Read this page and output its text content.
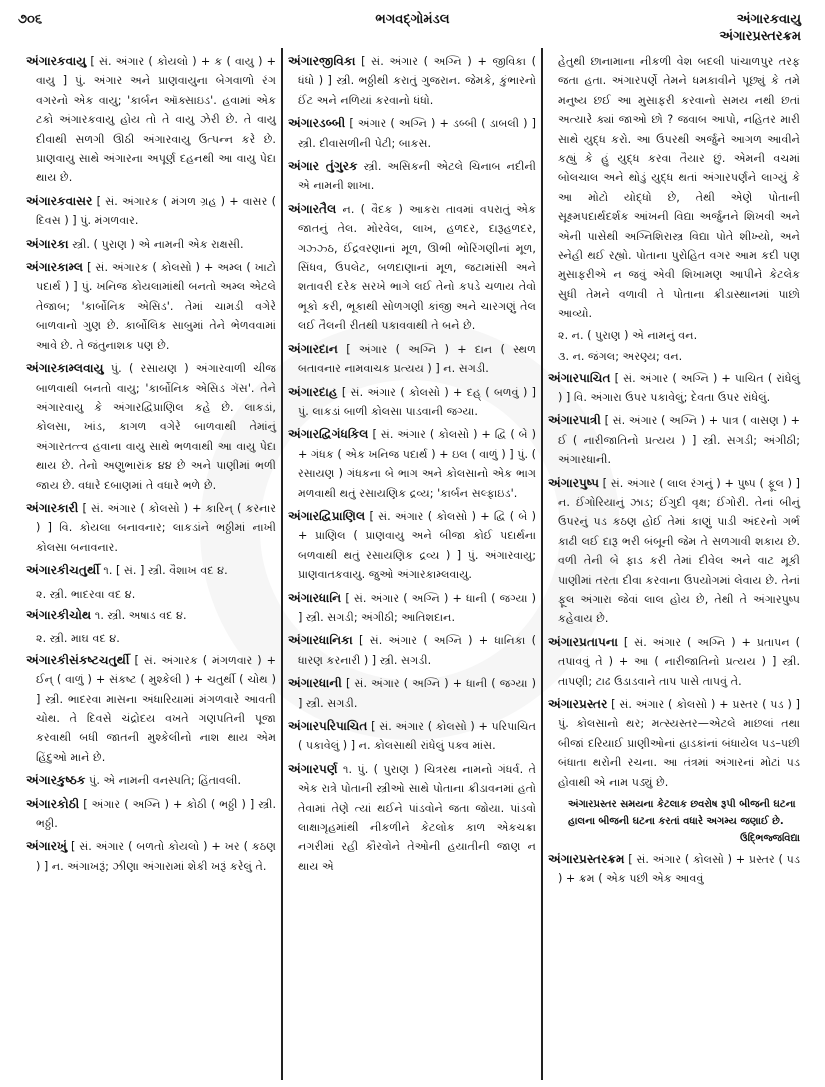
૭૦૬	ભગવદ્ગોમંડલ	અંગારકવાયુ
અંગારપ્રસ્તરક્રમ

અંગારકવાયુ [ સં. અંગાર ( કોયલો ) + ક ( વાયુ ) + વાયુ ] પું. અંગાર અને પ્રાણવાયુના બેગવાળો રંગ વગરનો એક વાયુ; 'કાર્બન ઑક્સાઇડ'. હવામાં એક ટકો અંગારકવાયુ હોય તો તે વાયુ ઝેરી છે. તે વાયુ દીવાથી સળગી ઊઠી અંગારવાયુ ઉત્પન્ન કરે છે. પ્રાણવાયુ સાથે અંગારના અપૂર્ણ દહનથી આ વાયુ પેદા થાય છે.

અંગારકવાસર [ સં. અંગારક ( મંગળ ગ્રહ ) + વાસર ( દિવસ ) ] પું. મંગળવાર.

અંગારકા સ્ત્રી. ( પુરાણ ) એ નામની એક રાક્ષસી.

અંગારકામ્લ [ સં. અંગારક ( કોલસો ) + અમ્લ ( ખાટો પદાર્થ ) ] પું. ખનિજ કોયલામાંથી બનતો અમ્લ એટલે તેજાબ; 'કાર્બોનિક એસિડ'. તેમાં ચામડી વગેરે બાળવાનો ગુણ છે. કાર્બોલિક સાબુમાં તેને ભેળવવામાં આવે છે. તે જંતુનાશક પણ છે.

અંગારકામ્લવાયુ પું. ( રસાયણ ) અંગારવાળી ચીજ બાળવાથી બનતો વાયુ; 'કાર્બોનિક એસિડ ગૅસ'. તેને અંગારવાયુ કે અંગારદ્વિપ્રાણિલ કહે છે. લાકડાં, કોલસા, ખાંડ, કાગળ વગેરે બાળવાથી તેમાંનું અંગારતત્ત્વ હવાના વાયુ સાથે ભળવાથી આ વાયુ પેદા થાય છે. તેનો અણુભારાંક ૪૪ છે અને પાણીમાં ભળી જાય છે. વધારે દબાણમાં તે વધારે ભળે છે.

અંગારકારી [ સં. અંગાર ( કોલસો ) + કારિન્ ( કરનાર ) ] વિ. કોયલા બનાવનાર; લાકડાંને ભઠ્ઠીમાં નાખી કોલસા બનાવનાર.

અંગારકીચતુર્થી ૧. [ સં. ] સ્ત્રી. વૈશાખ વદ ૪.

૨. સ્ત્રી. ભાદરવા વદ ૪.

અંગારકીચોથ ૧. સ્ત્રી. અષાડ વદ ૪.

૨. સ્ત્રી. માઘ વદ ૪.

અંગારકીસંકષ્ટચતુર્થી [ સં. અંગારક ( મંગળવાર ) + ઈન્ ( વાળું ) + સંકષ્ટ ( મુશ્કેલી ) + ચતુર્થી ( ચોથ ) ] સ્ત્રી. ભાદરવા માસના અંધારિયામાં મંગળવારે આવતી ચોથ. તે દિવસે ચંદ્રોદય વખતે ગણપતિની પૂજા કરવાથી બધી જાતની મુશ્કેલીનો નાશ થાય એમ હિંદુઓ માને છે.

અંગારકુષ્ઠક પું. એ નામની વનસ્પતિ; હિંતાવલી.

અંગારકોઠી [ અંગાર ( અગ્નિ ) + કોઠી ( ભઠ્ઠી ) ] સ્ત્રી. ભઠ્ઠી.

અંગારખું [ સં. અંગાર ( બળતો કોયલો ) + ખર ( કઠણ ) ] ન. અંગાખરૂં; ઝીણા અંગારામાં શેકી ખરૂં કરેલું તે.

અંગારજીવિકા [ સં. અંગાર ( અગ્નિ ) + જીવિકા ( ધંધો ) ] સ્ત્રી. ભઠ્ઠીથી કરાતું ગુજરાન. જેમકે, કુંભારનો ઈંટ અને નળિયાં કરવાનો ધંધો.

અંગારડબ્બી [ અંગાર ( અગ્નિ ) + ડબ્બી ( ડાબલી ) ] સ્ત્રી. દીવાસળીની પેટી; બાકસ.

અંગાર તુંગુરક સ્ત્રી. અસિકની એટલે ચિનાબ નદીની એ નામની શાખા.

અંગારતૈલ ન. ( વૈદક ) આકરા તાવમાં વપરાતું એક જાતનું તેલ. મોરવેલ, લાખ, હળદર, દારૂહળદર, ગઝ્ઝ્ઠ, ઈંદ્રવરણાનાં મૂળ, ઊભી ભોરિંગણીનાં મૂળ, સિંધવ, ઉપલેટ, બળદાણાનાં મૂળ, જટામાંસી અને શતાવરી દરેક સરખે ભાગે લઈ તેનો કપડે ચળાય તેવો ભૂકો કરી, ભૂકાથી સોળગણી કાંજી અને ચારગણું તેલ લઈ તૈલની રીતથી પકાવવાથી તે બને છે.

અંગારદાન [ અંગાર ( અગ્નિ ) + દાન ( સ્થળ બતાવનાર નામવાચક પ્રત્યય ) ] ન. સગડી.

અંગારદાહ [ સં. અંગાર ( કોલસો ) + દહ્ ( બળવું ) ] પું. લાકડાં બાળી કોલસા પાડવાની જગ્યા.

અંગારદ્વિગંધકિલ [ સં. અંગાર ( કોલસો ) + દ્વિ ( બે ) + ગંધક ( એક ખનિજ પદાર્થ ) + ઇલ ( વાળું ) ] પું. ( રસાયણ ) ગંધકના બે ભાગ અને કોલસાનો એક ભાગ મળવાથી થતું રસાયણિક દ્રવ્ય; 'કાર્બન સલ્ફાઇડ'.

અંગારદ્વિપ્રાણિલ [ સં. અંગાર ( કોલસો ) + દ્વિ ( બે ) + પ્રાણિલ ( પ્રાણવાયુ અને બીજા કોઈ પદાર્થના બળવાથી થતું રસાયણિક દ્રવ્ય ) ] પું. અંગારવાયુ; પ્રાણવાતકવાયુ. જુઓ અંગારકામ્લવાયુ.

અંગારધાનિ [ સં. અંગાર ( અગ્નિ ) + ધાની ( જગ્યા ) ] સ્ત્રી. સગડી; અંગીઠી; આતિશદાન.

અંગારધાનિકા [ સં. અંગાર ( અગ્નિ ) + ધાનિકા ( ધારણ કરનારી ) ] સ્ત્રી. સગડી.

અંગારધાની [ સં. અંગાર ( અગ્નિ ) + ધાની ( જગ્યા ) ] સ્ત્રી. સગડી.

અંગારપરિપાચિત [ સં. અંગાર ( કોલસો ) + પરિપાચિત ( પકાવેલું ) ] ન. કોલસાથી રાંધેલું પક્વ માંસ.

અંગારપર્ણ ૧. પું. ( પુરાણ ) ચિત્રરથ નામનો ગંધર્વ. તે એક રાત્રે પોતાની સ્ત્રીઓ સાથે પોતાના ક્રીડાવનમાં હતો તેવામાં તેણે ત્યાં થઈને પાંડવોને જતા જોયા. પાંડવો લાક્ષાગૃહમાંથી નીકળીને કેટલોક કાળ એકચક્રા નગરીમાં રહી કૌરવોને તેઓની હયાતીની જાણ ન થાય એ

હેતુથી છાનામાના નીકળી વેશ બદલી પાંચાળપુર તરફ જતા હતા. અંગારપર્ણે તેમને ધમકાવીને પૂછ્યું કે તમે મનુષ્ય છઈ આ મુસાફરી કરવાનો સમય નથી છતાં અત્યારે ક્યાં જાઓ છો ? જવાબ આપો, નહિતર મારી સાથે યુદ્ધ કરો. આ ઉપરથી અર્જુને આગળ આવીને કહ્યું કે હું યુદ્ધ કરવા તૈયાર છું. એમની વચમાં બોલચાલ અને થોડું યુદ્ધ થતાં અંગારપર્ણને લાગ્યું કે આ મોટો યોદ્ધો છે, તેથી એણે પોતાની સૂક્ષ્મપદાર્થદર્શક આંખની વિદ્યા અર્જુનને શિખવી અને એની પાસેથી અગ્નિશિરાસ્ત્ર વિદ્યા પોતે શીખ્યો, અને સ્નેહી થઈ રહ્યો. પોતાના પુરોહિત વગર આમ કદી પણ મુસાફરીએ ન જવું એવી શિખામણ આપીને કેટલેક સુધી તેમને વળાવી તે પોતાના ક્રીડાસ્થાનમાં પાછો આવ્યો.

૨. ન. ( પુરાણ ) એ નામનું વન.

૩. ન. જંગલ; અરણ્ય; વન.

અંગારપાચિત [ સં. અંગાર ( અગ્નિ ) + પાચિત ( રાંધેલું ) ] વિ. અંગારા ઉપર પકાવેલું; દેવતા ઉપર રાંધેલું.

અંગારપાત્રી [ સં. અંગાર ( અગ્નિ ) + પાત્ર ( વાસણ ) + ઈ ( નારીજાતિનો પ્રત્યય ) ] સ્ત્રી. સગડી; અંગીઠી; અંગારધાની.

અંગારપુષ્પ [ સં. અંગાર ( લાલ રંગનું ) + પુષ્પ ( ફૂલ ) ] ન. ઈંગોરિયાનું ઝાડ; ઈંગુદી વૃક્ષ; ઈંગોરી. તેનાં બીનું ઉપરનું પડ કઠણ હોઈ તેમાં કાણું પાડી અંદરનો ગર્ભ કાઢી લઈ દારૂ ભરી બંબૂની જેમ તે સળગાવી શકાય છે. વળી તેની બે ફાડ કરી તેમાં દીવેલ અને વાટ મૂકી પાણીમાં તરતા દીવા કરવાના ઉપયોગમાં લેવાય છે. તેનાં ફૂલ અંગારા જેવાં લાલ હોય છે, તેથી તે અંગારપુષ્પ કહેવાય છે.

અંગારપ્રતાપના [ સં. અંગાર ( અગ્નિ ) + પ્રતાપન ( તપાવવું તે ) + આ ( નારીજાતિનો પ્રત્યય ) ] સ્ત્રી. તાપણી; ટાઢ ઉડાડવાને તાપ પાસે તાપવું તે.

અંગારપ્રસ્તર [ સં. અંગાર ( કોલસો ) + પ્રસ્તર ( પડ ) ] પું. કોલસાનો થર; મત્સ્યસ્તર—એટલે માછલાં તથા બીજાં દરિયાઈ પ્રાણીઓનાં હાડકાંનાં બંધાયેલ પડ–પછી બંધાતા થરોની રચના. આ તંત્રમાં અંગારનાં મોટાં પડ હોવાથી એ નામ પડ્યું છે.

અંગારપ્રસ્તર સમયના કેટલાક છવરોષ રૂપી બીજની ઘટના હાલના બીજની ઘટના કરતાં વધારે અગમ્ય જણાઈ છે.
ઉદ્ભિજ્જવિદ્યા

અંગારપ્રસ્તરક્રમ [ સં. અંગાર ( કોલસો ) + પ્રસ્તર ( પડ ) + ક્રમ ( એક પછી એક આવવું
